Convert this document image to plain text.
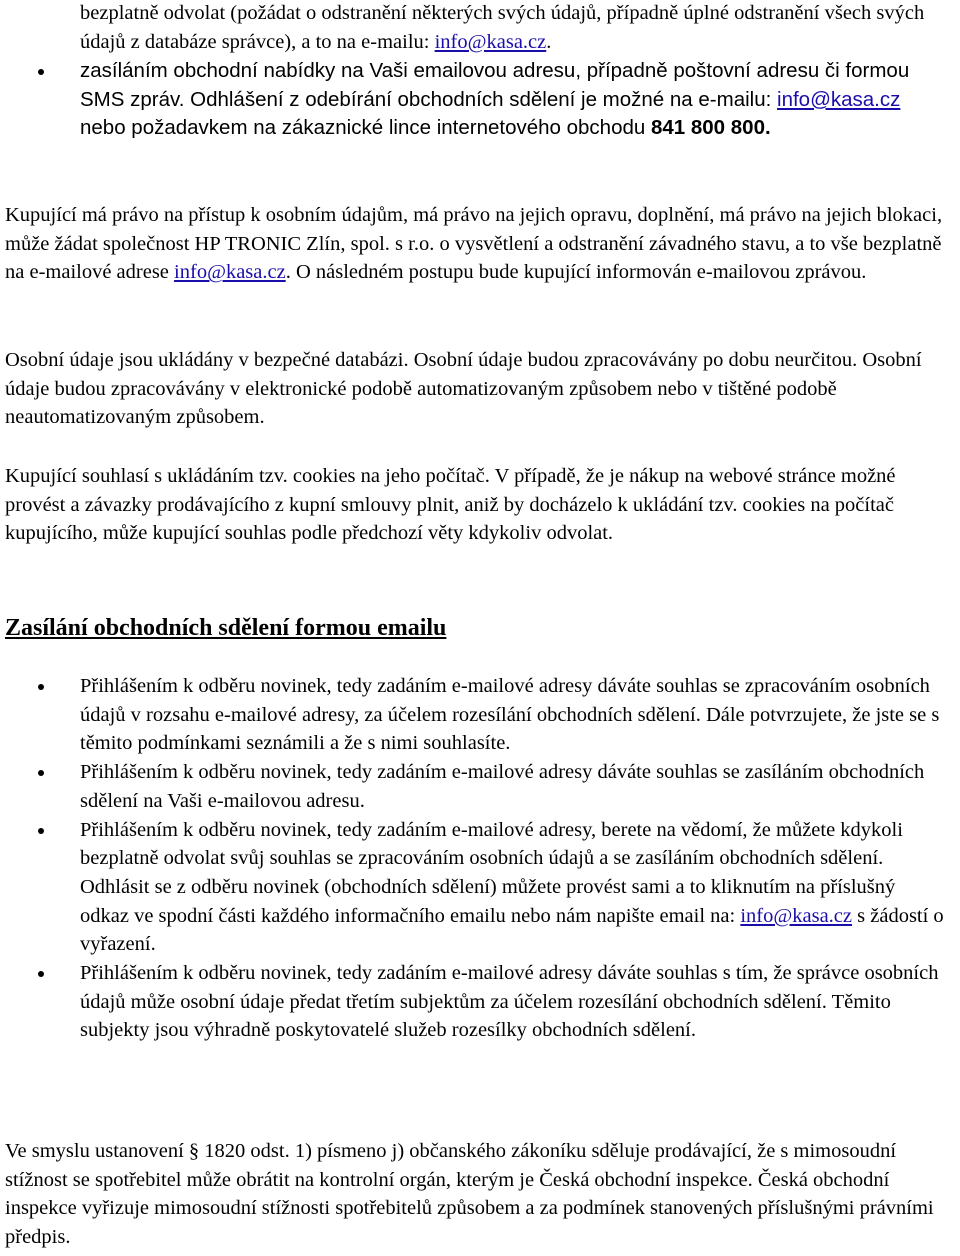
bezplatně odvolat (požádat o odstranění některých svých údajů, případně úplné odstranění všech svých údajů z databáze správce), a to na e-mailu: info@kasa.cz.
zasíláním obchodní nabídky na Vaši emailovou adresu, případně poštovní adresu či formou SMS zpráv. Odhlášení z odebírání obchodních sdělení je možné na e-mailu: info@kasa.cz nebo požadavkem na zákaznické lince internetového obchodu 841 800 800.

Kupující má právo na přístup k osobním údajům, má právo na jejich opravu, doplnění, má právo na jejich blokaci, může žádat společnost HP TRONIC Zlín, spol. s r.o. o vysvětlení a odstranění závadného stavu, a to vše bezplatně na e-mailové adrese info@kasa.cz. O následném postupu bude kupující informován e-mailovou zprávou.

Osobní údaje jsou ukládány v bezpečné databázi. Osobní údaje budou zpracovávány po dobu neurčitou. Osobní údaje budou zpracovávány v elektronické podobě automatizovaným způsobem nebo v tištěné podobě neautomatizovaným způsobem.

Kupující souhlasí s ukládáním tzv. cookies na jeho počítač. V případě, že je nákup na webové stránce možné provést a závazky prodávajícího z kupní smlouvy plnit, aniž by docházelo k ukládání tzv. cookies na počítač kupujícího, může kupující souhlas podle předchozí věty kdykoliv odvolat.

Zasílání obchodních sdělení formou emailu
Přihlášením k odběru novinek, tedy zadáním e-mailové adresy dáváte souhlas se zpracováním osobních údajů v rozsahu e-mailové adresy, za účelem rozesílání obchodních sdělení. Dále potvrzujete, že jste se s těmito podmínkami seznámili a že s nimi souhlasíte.
Přihlášením k odběru novinek, tedy zadáním e-mailové adresy dáváte souhlas se zasíláním obchodních sdělení na Vaši e-mailovou adresu.
Přihlášením k odběru novinek, tedy zadáním e-mailové adresy, berete na vědomí, že můžete kdykoli bezplatně odvolat svůj souhlas se zpracováním osobních údajů a se zasíláním obchodních sdělení. Odhlásit se z odběru novinek (obchodních sdělení) můžete provést sami a to kliknutím na příslušný odkaz ve spodní části každého informačního emailu nebo nám napište email na: info@kasa.cz s žádostí o vyřazení.
Přihlášením k odběru novinek, tedy zadáním e-mailové adresy dáváte souhlas s tím, že správce osobních údajů může osobní údaje předat třetím subjektům za účelem rozesílání obchodních sdělení. Těmito subjekty jsou výhradně poskytovatelé služeb rozesílky obchodních sdělení.

Ve smyslu ustanovení § 1820 odst. 1) písmeno j) občanského zákoníku sděluje prodávající, že s mimosoudní stížnost se spotřebitel může obrátit na kontrolní orgán, kterým je Česká obchodní inspekce. Česká obchodní inspekce vyřizuje mimosoudní stížnosti spotřebitelů způsobem a za podmínek stanovených příslušnými právními předpis.
